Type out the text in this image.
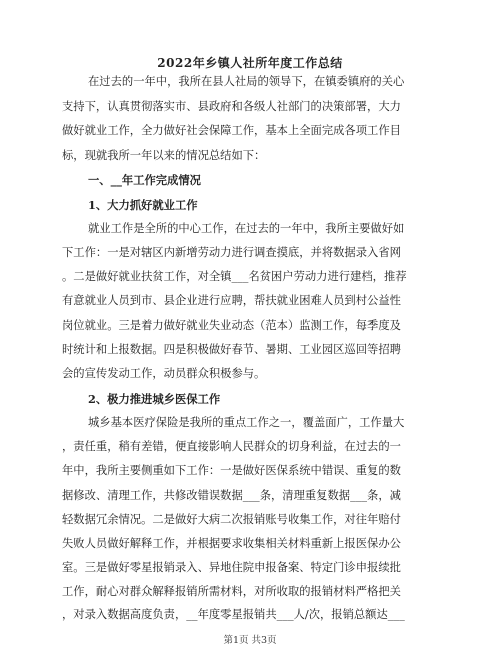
2022年乡镇人社所年度工作总结
在过去的一年中，我所在县人社局的领导下，在镇委镇府的关心
支持下，认真贯彻落实市、县政府和各级人社部门的决策部署，大力
做好就业工作，全力做好社会保障工作，基本上全面完成各项工作目
标，现就我所一年以来的情况总结如下：
一、__年工作完成情况
1、大力抓好就业工作
就业工作是全所的中心工作，在过去的一年中，我所主要做好如
下工作：一是对辖区内新增劳动力进行调查摸底，并将数据录入省网
。二是做好就业扶贫工作，对全镇___名贫困户劳动力进行建档，推荐
有意就业人员到市、县企业进行应聘，帮扶就业困难人员到村公益性
岗位就业。三是着力做好就业失业动态（范本）监测工作，每季度及
时统计和上报数据。四是积极做好春节、暑期、工业园区巡回等招聘
会的宣传发动工作，动员群众积极参与。
2、极力推进城乡医保工作
城乡基本医疗保险是我所的重点工作之一，覆盖面广，工作量大
，责任重，稍有差错，便直接影响人民群众的切身利益，在过去的一
年中，我所主要侧重如下工作：一是做好医保系统中错误、重复的数
据修改、清理工作，共修改错误数据___条，清理重复数据___条，减
轻数据冗余情况。二是做好大病二次报销账号收集工作，对往年赔付
失败人员做好解释工作，并根据要求收集相关材料重新上报医保办公
室。三是做好零星报销录入、异地住院申报备案、特定门诊申报续批
工作，耐心对群众解释报销所需材料，对所收取的报销材料严格把关
，对录入数据高度负责，__年度零星报销共___人/次，报销总额达___
第1页 共3页
